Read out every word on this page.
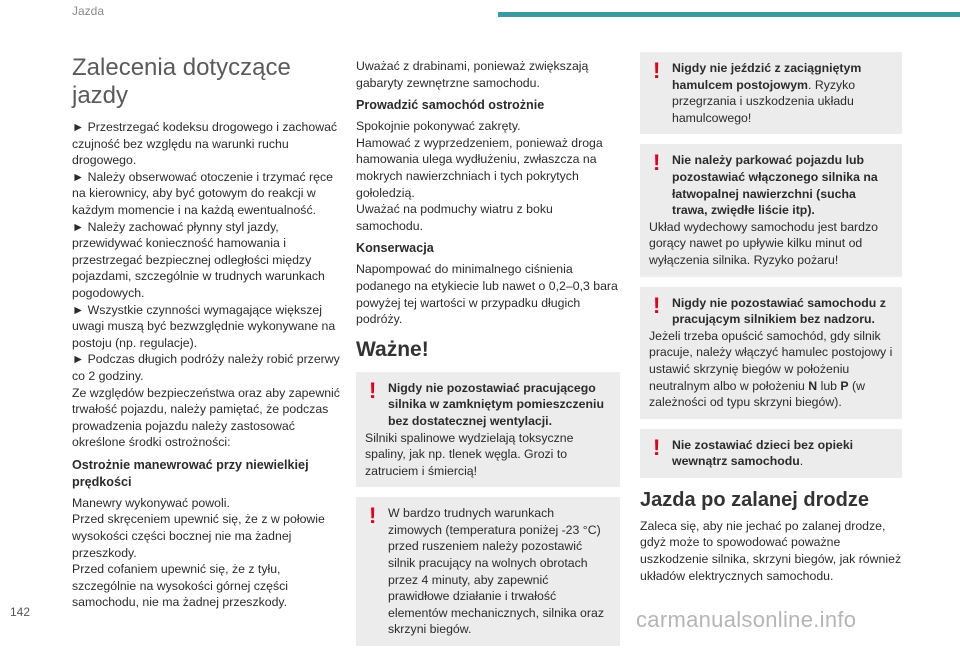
Jazda
Zalecenia dotyczące jazdy

► Przestrzegać kodeksu drogowego i zachować czujność bez względu na warunki ruchu drogowego.

► Należy obserwować otoczenie i trzymać ręce na kierownicy, aby być gotowym do reakcji w każdym momencie i na każdą ewentualność.

► Należy zachować płynny styl jazdy, przewidywać konieczność hamowania i przestrzegać bezpiecznej odległości między pojazdami, szczególnie w trudnych warunkach pogodowych.

► Wszystkie czynności wymagające większej uwagi muszą być bezwzględnie wykonywane na postoju (np. regulacje).

► Podczas długich podróży należy robić przerwy co 2 godziny.

Ze względów bezpieczeństwa oraz aby zapewnić trwałość pojazdu, należy pamiętać, że podczas prowadzenia pojazdu należy zastosować określone środki ostrożności:

Ostrożnie manewrować przy niewielkiej prędkości

Manewry wykonywać powoli.
Przed skręceniem upewnić się, że z w połowie wysokości części bocznej nie ma żadnej przeszkody.
Przed cofaniem upewnić się, że z tyłu, szczególnie na wysokości górnej części samochodu, nie ma żadnej przeszkody.

Uważać z drabinami, ponieważ zwiększają gabaryty zewnętrzne samochodu.

Prowadzić samochód ostrożnie

Spokojnie pokonywać zakręty.
Hamować z wyprzedzeniem, ponieważ droga hamowania ulega wydłużeniu, zwłaszcza na mokrych nawierzchniach i tych pokrytych gołoledzią.
Uważać na podmuchy wiatru z boku samochodu.

Konserwacja

Napompować do minimalnego ciśnienia podanego na etykiecie lub nawet o 0,2–0,3 bara powyżej tej wartości w przypadku długich podróży.

Ważne!
! Nigdy nie pozostawiać pracującego silnika w zamkniętym pomieszczeniu bez dostatecznej wentylacji.
Silniki spalinowe wydzielają toksyczne spaliny, jak np. tlenek węgla. Grozi to zatruciem i śmiercią!

! W bardzo trudnych warunkach zimowych (temperatura poniżej -23 °C) przed ruszeniem należy pozostawić silnik pracujący na wolnych obrotach przez 4 minuty, aby zapewnić prawidłowe działanie i trwałość elementów mechanicznych, silnika oraz skrzyni biegów.

! Nigdy nie jeździć z zaciągniętym hamulcem postojowym. Ryzyko przegrzania i uszkodzenia układu hamulcowego!

! Nie należy parkować pojazdu lub pozostawiać włączonego silnika na łatwopalnej nawierzchni (sucha trawa, zwiędłe liście itp).
Układ wydechowy samochodu jest bardzo gorący nawet po upływie kilku minut od wyłączenia silnika. Ryzyko pożaru!

! Nigdy nie pozostawiać samochodu z pracującym silnikiem bez nadzoru.
Jeżeli trzeba opuścić samochód, gdy silnik pracuje, należy włączyć hamulec postojowy i ustawić skrzynię biegów w położeniu neutralnym albo w położeniu N lub P (w zależności od typu skrzyni biegów).

! Nie zostawiać dzieci bez opieki wewnątrz samochodu.

Jazda po zalanej drodze

Zaleca się, aby nie jechać po zalanej drodze, gdyż może to spowodować poważne uszkodzenie silnika, skrzyni biegów, jak również układów elektrycznych samochodu.

142	carmanualsonline.info
